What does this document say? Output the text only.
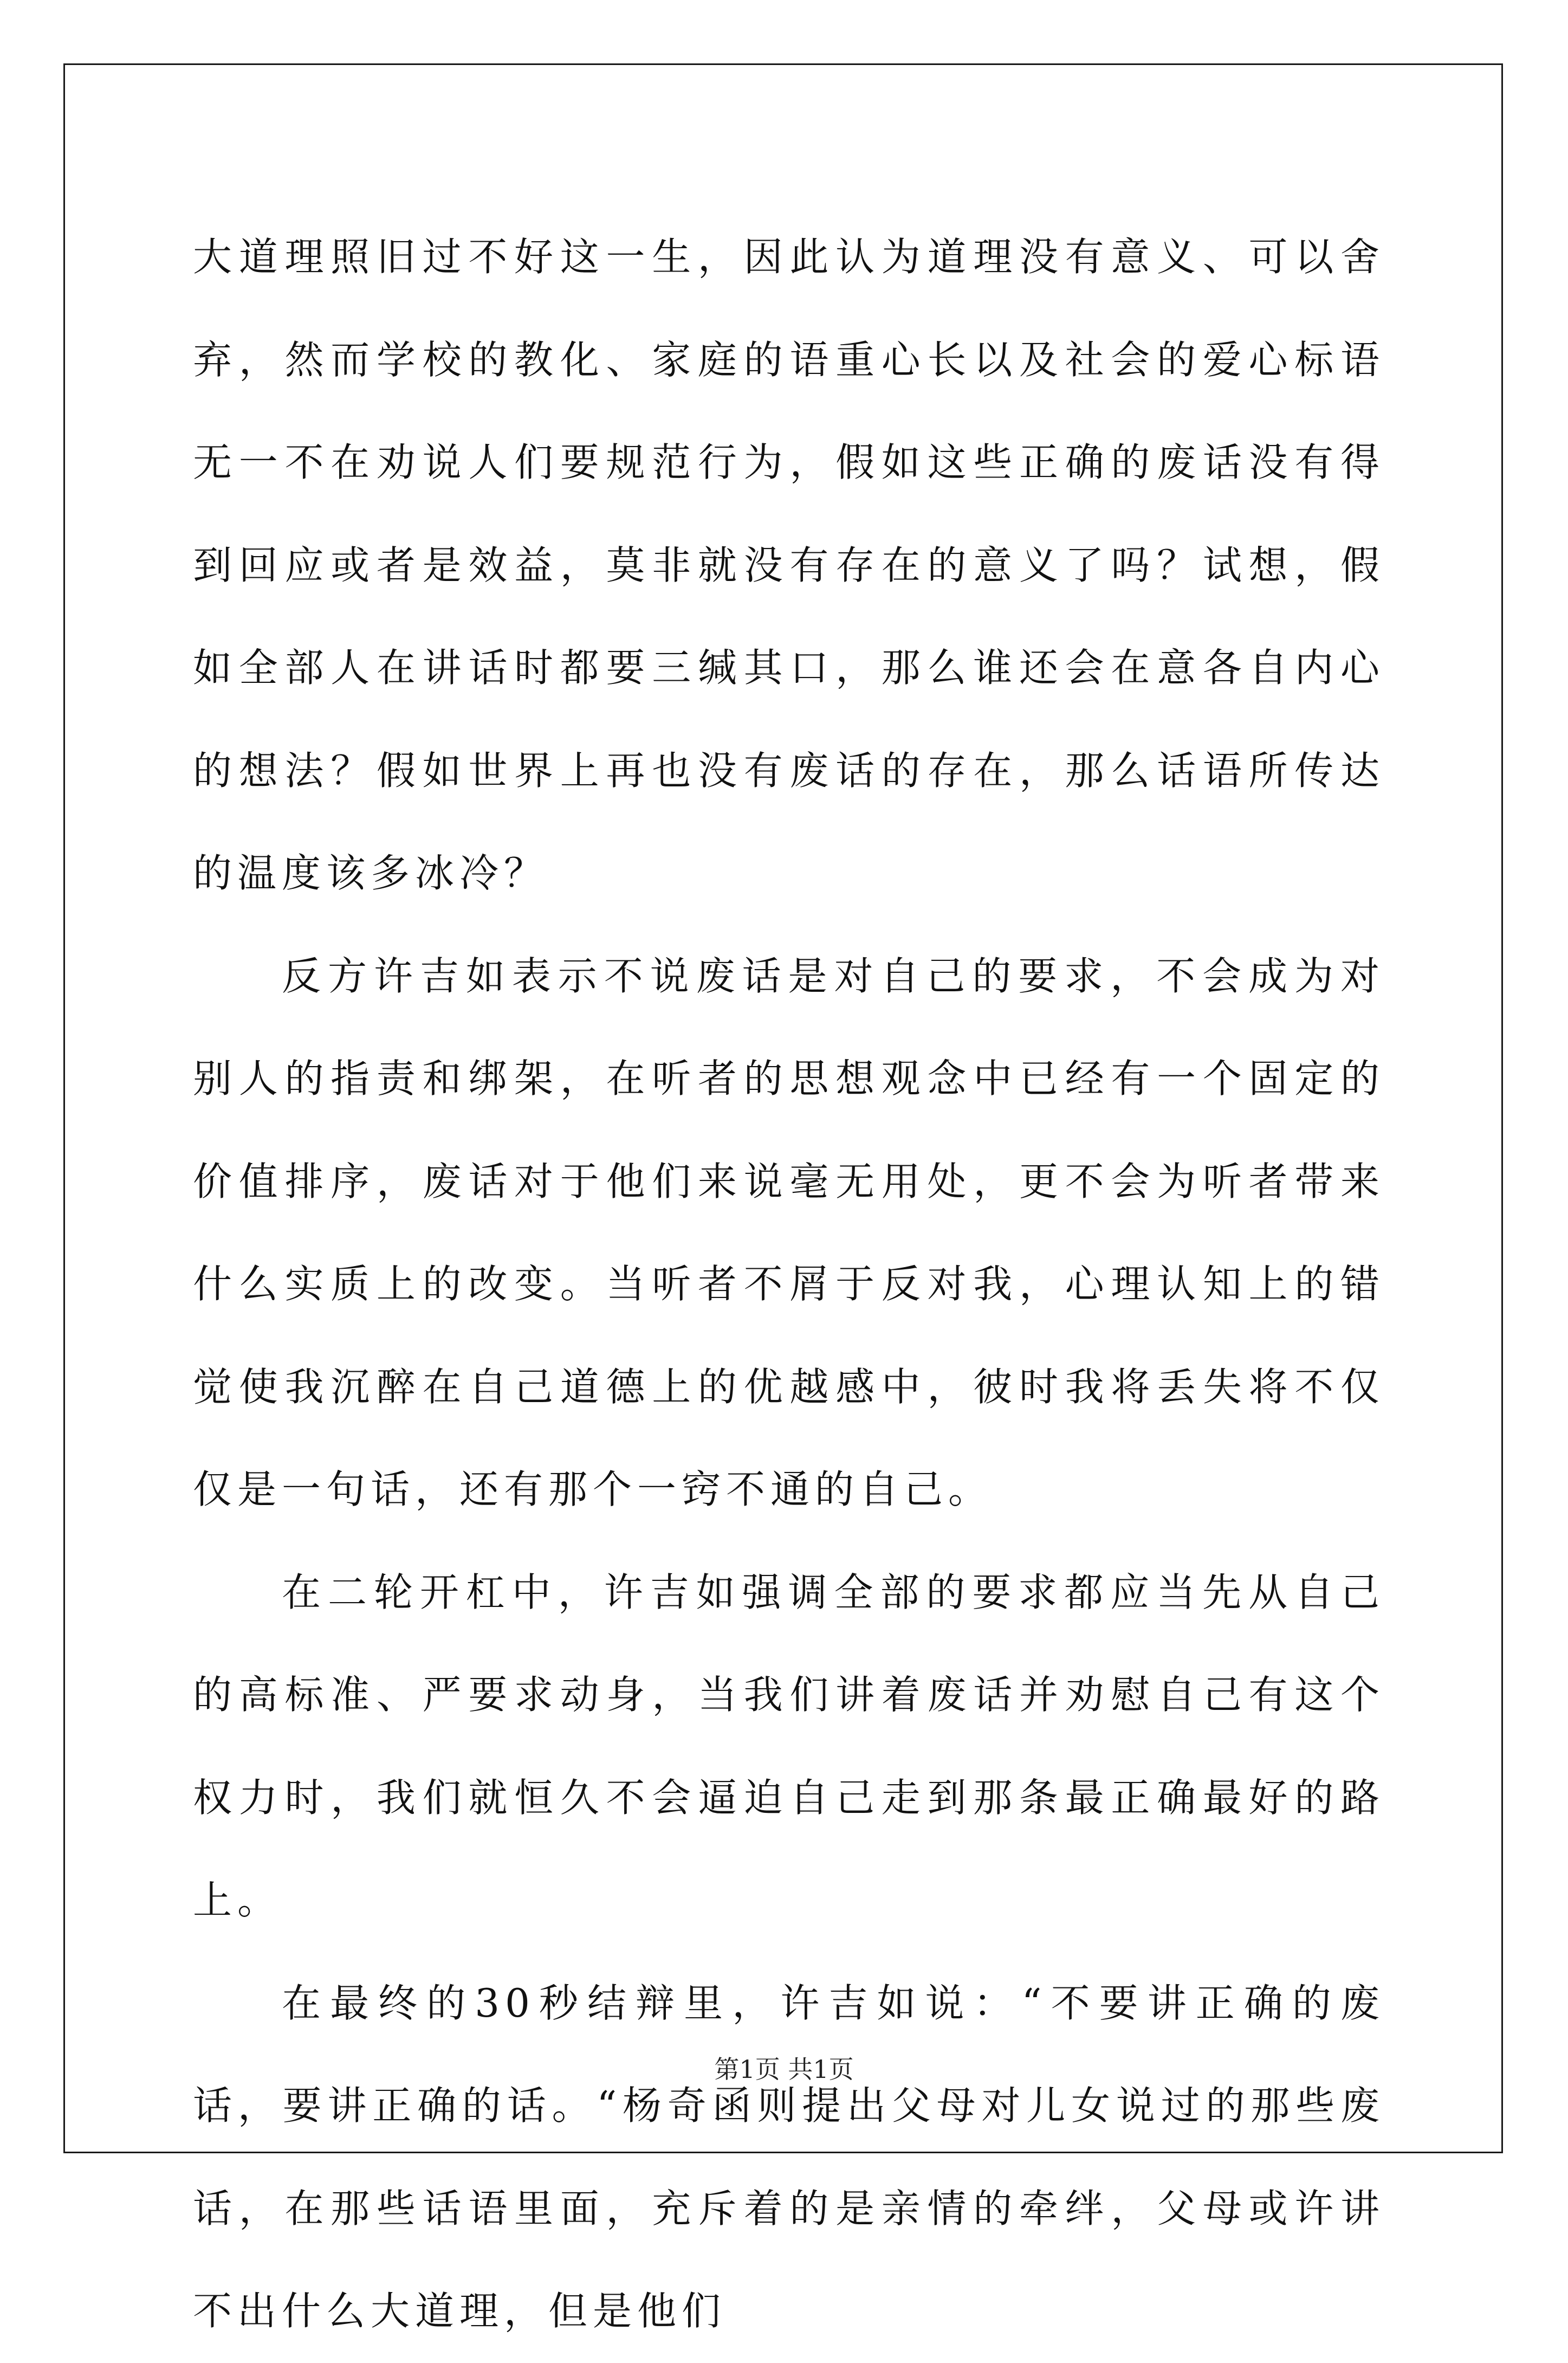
大道理照旧过不好这一生，因此认为道理没有意义、可以舍弃，然而学校的教化、家庭的语重心长以及社会的爱心标语无一不在劝说人们要规范行为，假如这些正确的废话没有得到回应或者是效益，莫非就没有存在的意义了吗？试想，假如全部人在讲话时都要三缄其口，那么谁还会在意各自内心的想法？假如世界上再也没有废话的存在，那么话语所传达的温度该多冰冷？

反方许吉如表示不说废话是对自己的要求，不会成为对别人的指责和绑架，在听者的思想观念中已经有一个固定的价值排序，废话对于他们来说毫无用处，更不会为听者带来什么实质上的改变。当听者不屑于反对我，心理认知上的错觉使我沉醉在自己道德上的优越感中，彼时我将丢失将不仅仅是一句话，还有那个一窍不通的自己。

在二轮开杠中，许吉如强调全部的要求都应当先从自己的高标准、严要求动身，当我们讲着废话并劝慰自己有这个权力时，我们就恒久不会逼迫自己走到那条最正确最好的路上。

在最终的30秒结辩里，许吉如说：“不要讲正确的废话，要讲正确的话。“杨奇函则提出父母对儿女说过的那些废话，在那些话语里面，充斥着的是亲情的牵绊，父母或许讲不出什么大道理，但是他们

第1页 共1页
